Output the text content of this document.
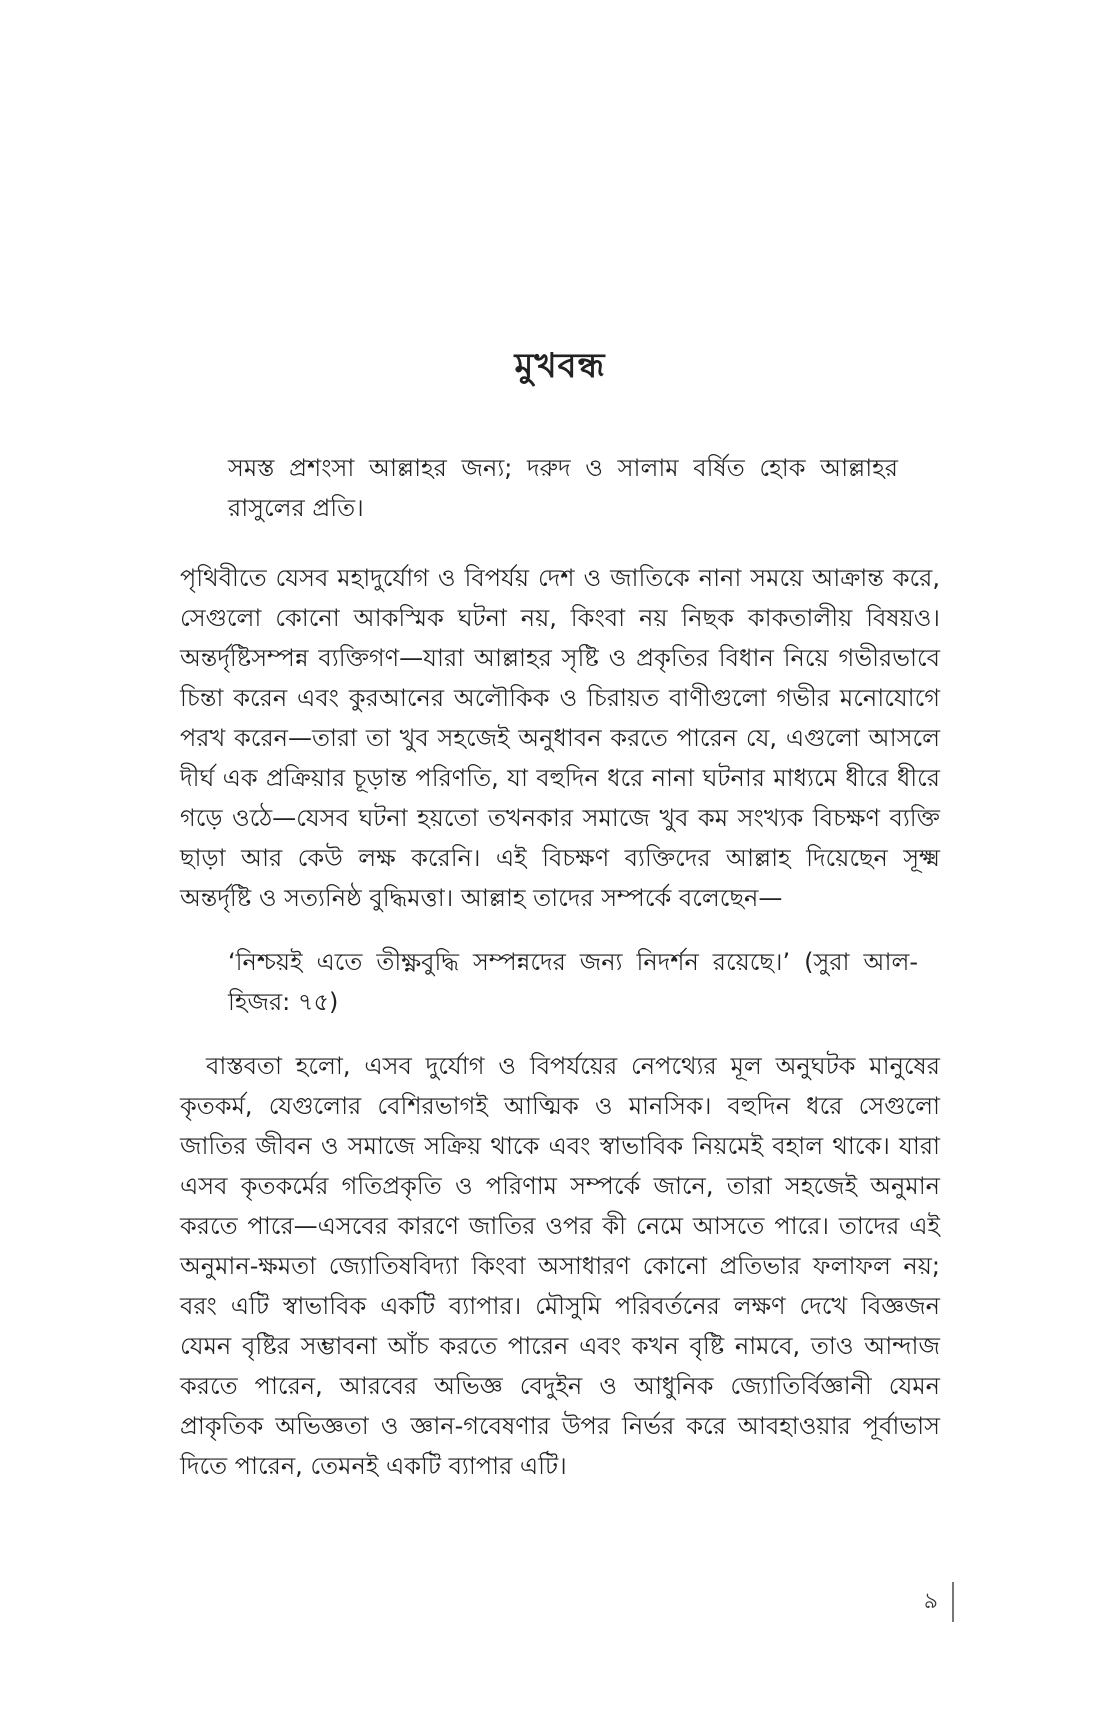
মুখবন্ধ

সমস্ত প্রশংসা আল্লাহর জন্য; দরুদ ও সালাম বর্ষিত হোক আল্লাহর রাসুলের প্রতি।

পৃথিবীতে যেসব মহাদুর্যোগ ও বিপর্যয় দেশ ও জাতিকে নানা সময়ে আক্রান্ত করে, সেগুলো কোনো আকস্মিক ঘটনা নয়, কিংবা নয় নিছক কাকতালীয় বিষয়ও। অন্তর্দৃষ্টিসম্পন্ন ব্যক্তিগণ—যারা আল্লাহর সৃষ্টি ও প্রকৃতির বিধান নিয়ে গভীরভাবে চিন্তা করেন এবং কুরআনের অলৌকিক ও চিরায়ত বাণীগুলো গভীর মনোযোগে পরখ করেন—তারা তা খুব সহজেই অনুধাবন করতে পারেন যে, এগুলো আসলে দীর্ঘ এক প্রক্রিয়ার চূড়ান্ত পরিণতি, যা বহুদিন ধরে নানা ঘটনার মাধ্যমে ধীরে ধীরে গড়ে ওঠে—যেসব ঘটনা হয়তো তখনকার সমাজে খুব কম সংখ্যক বিচক্ষণ ব্যক্তি ছাড়া আর কেউ লক্ষ করেনি। এই বিচক্ষণ ব্যক্তিদের আল্লাহ দিয়েছেন সূক্ষ্ম অন্তর্দৃষ্টি ও সত্যনিষ্ঠ বুদ্ধিমত্তা। আল্লাহ তাদের সম্পর্কে বলেছেন—

‘নিশ্চয়ই এতে তীক্ষ্ণবুদ্ধি সম্পন্নদের জন্য নিদর্শন রয়েছে।’ (সুরা আল-হিজর: ৭৫)

বাস্তবতা হলো, এসব দুর্যোগ ও বিপর্যয়ের নেপথ্যের মূল অনুঘটক মানুষের কৃতকর্ম, যেগুলোর বেশিরভাগই আত্মিক ও মানসিক। বহুদিন ধরে সেগুলো জাতির জীবন ও সমাজে সক্রিয় থাকে এবং স্বাভাবিক নিয়মেই বহাল থাকে। যারা এসব কৃতকর্মের গতিপ্রকৃতি ও পরিণাম সম্পর্কে জানে, তারা সহজেই অনুমান করতে পারে—এসবের কারণে জাতির ওপর কী নেমে আসতে পারে। তাদের এই অনুমান-ক্ষমতা জ্যোতিষবিদ্যা কিংবা অসাধারণ কোনো প্রতিভার ফলাফল নয়; বরং এটি স্বাভাবিক একটি ব্যাপার। মৌসুমি পরিবর্তনের লক্ষণ দেখে বিজ্ঞজন যেমন বৃষ্টির সম্ভাবনা আঁচ করতে পারেন এবং কখন বৃষ্টি নামবে, তাও আন্দাজ করতে পারেন, আরবের অভিজ্ঞ বেদুইন ও আধুনিক জ্যোতির্বিজ্ঞানী যেমন প্রাকৃতিক অভিজ্ঞতা ও জ্ঞান-গবেষণার উপর নির্ভর করে আবহাওয়ার পূর্বাভাস দিতে পারেন, তেমনই একটি ব্যাপার এটি।

৯
